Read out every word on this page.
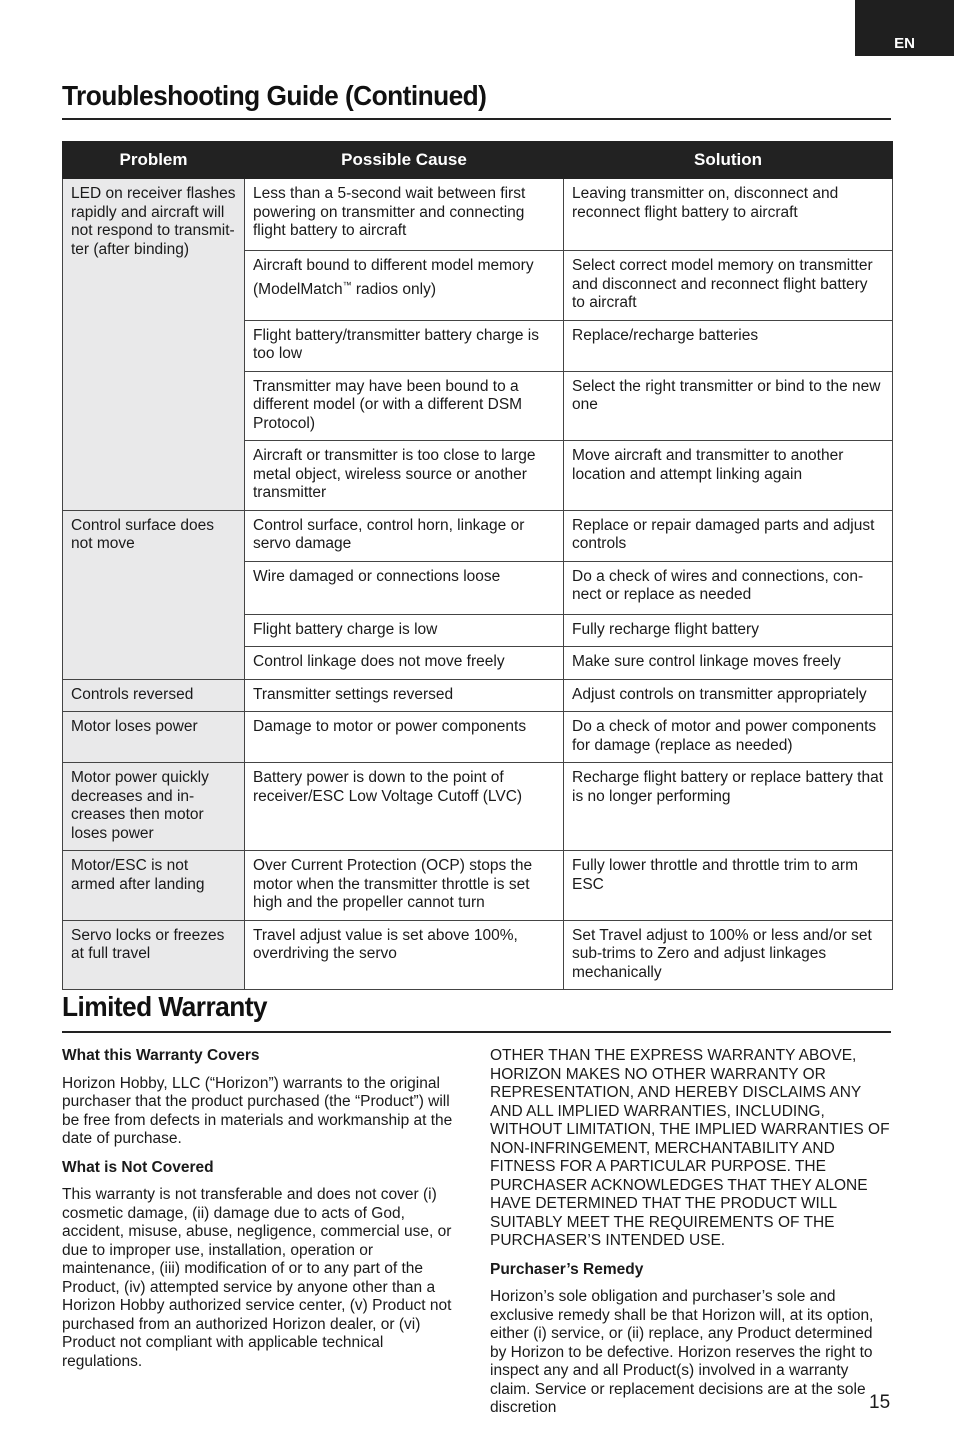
EN
Troubleshooting Guide (Continued)
Problem	Possible Cause	Solution
LED on receiver flashes rapidly and aircraft will not respond to transmit-ter (after binding)	Less than a 5-second wait between first powering on transmitter and connecting flight battery to aircraft	Leaving transmitter on, disconnect and reconnect flight battery to aircraft
	Aircraft bound to different model memory (ModelMatch™ radios only)	Select correct model memory on transmitter and disconnect and reconnect flight battery to aircraft
	Flight battery/transmitter battery charge is too low	Replace/recharge batteries
	Transmitter may have been bound to a different model (or with a different DSM Protocol)	Select the right transmitter or bind to the new one
	Aircraft or transmitter is too close to large metal object, wireless source or another transmitter	Move aircraft and transmitter to another location and attempt linking again
Control surface does not move	Control surface, control horn, linkage or servo damage	Replace or repair damaged parts and adjust controls
	Wire damaged or connections loose	Do a check of wires and connections, con-nect or replace as needed
	Flight battery charge is low	Fully recharge flight battery
	Control linkage does not move freely	Make sure control linkage moves freely
Controls reversed	Transmitter settings reversed	Adjust controls on transmitter appropriately
Motor loses power	Damage to motor or power components	Do a check of motor and power components for damage (replace as needed)
Motor power quickly decreases and in-creases then motor loses power	Battery power is down to the point of receiver/ESC Low Voltage Cutoff (LVC)	Recharge flight battery or replace battery that is no longer performing
Motor/ESC is not armed after landing	Over Current Protection (OCP) stops the motor when the transmitter throttle is set high and the propeller cannot turn	Fully lower throttle and throttle trim to arm ESC
Servo locks or freezes at full travel	Travel adjust value is set above 100%, overdriving the servo	Set Travel adjust to 100% or less and/or set sub-trims to Zero and adjust linkages mechanically
Limited Warranty
What this Warranty Covers

Horizon Hobby, LLC (“Horizon”) warrants to the original purchaser that the product purchased (the “Product”) will be free from defects in materials and workmanship at the date of purchase.

What is Not Covered

This warranty is not transferable and does not cover (i) cosmetic damage, (ii) damage due to acts of God, accident, misuse, abuse, negligence, commercial use, or due to improper use, installation, operation or maintenance, (iii) modification of or to any part of the Product, (iv) attempted service by anyone other than a Horizon Hobby authorized service center, (v) Product not purchased from an authorized Horizon dealer, or (vi) Product not compliant with applicable technical regulations.

OTHER THAN THE EXPRESS WARRANTY ABOVE, HORIZON MAKES NO OTHER WARRANTY OR REPRESENTATION, AND HEREBY DISCLAIMS ANY AND ALL IMPLIED WARRANTIES, INCLUDING, WITHOUT LIMITATION, THE IMPLIED WARRANTIES OF NON-INFRINGEMENT, MERCHANTABILITY AND FITNESS FOR A PARTICULAR PURPOSE. THE PURCHASER ACKNOWLEDGES THAT THEY ALONE HAVE DETERMINED THAT THE PRODUCT WILL SUITABLY MEET THE REQUIREMENTS OF THE PURCHASER’S INTENDED USE.

Purchaser’s Remedy

Horizon’s sole obligation and purchaser’s sole and exclusive remedy shall be that Horizon will, at its option, either (i) service, or (ii) replace, any Product determined by Horizon to be defective. Horizon reserves the right to inspect any and all Product(s) involved in a warranty claim. Service or replacement decisions are at the sole discretion	15
